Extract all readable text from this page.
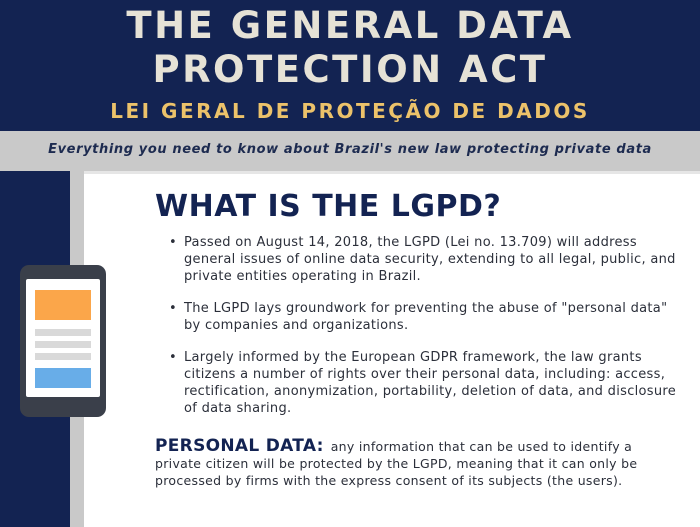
THE GENERAL DATA
PROTECTION ACT
LEI GERAL DE PROTEÇÃO DE DADOS
Everything you need to know about Brazil's new law protecting private data
WHAT IS THE LGPD?
• Passed on August 14, 2018, the LGPD (Lei no. 13.709) will address general issues of online data security, extending to all legal, public, and private entities operating in Brazil.
• The LGPD lays groundwork for preventing the abuse of "personal data" by companies and organizations.
• Largely informed by the European GDPR framework, the law grants citizens a number of rights over their personal data, including: access, rectification, anonymization, portability, deletion of data, and disclosure of data sharing.
PERSONAL DATA: any information that can be used to identify a private citizen will be protected by the LGPD, meaning that it can only be processed by firms with the express consent of its subjects (the users).
